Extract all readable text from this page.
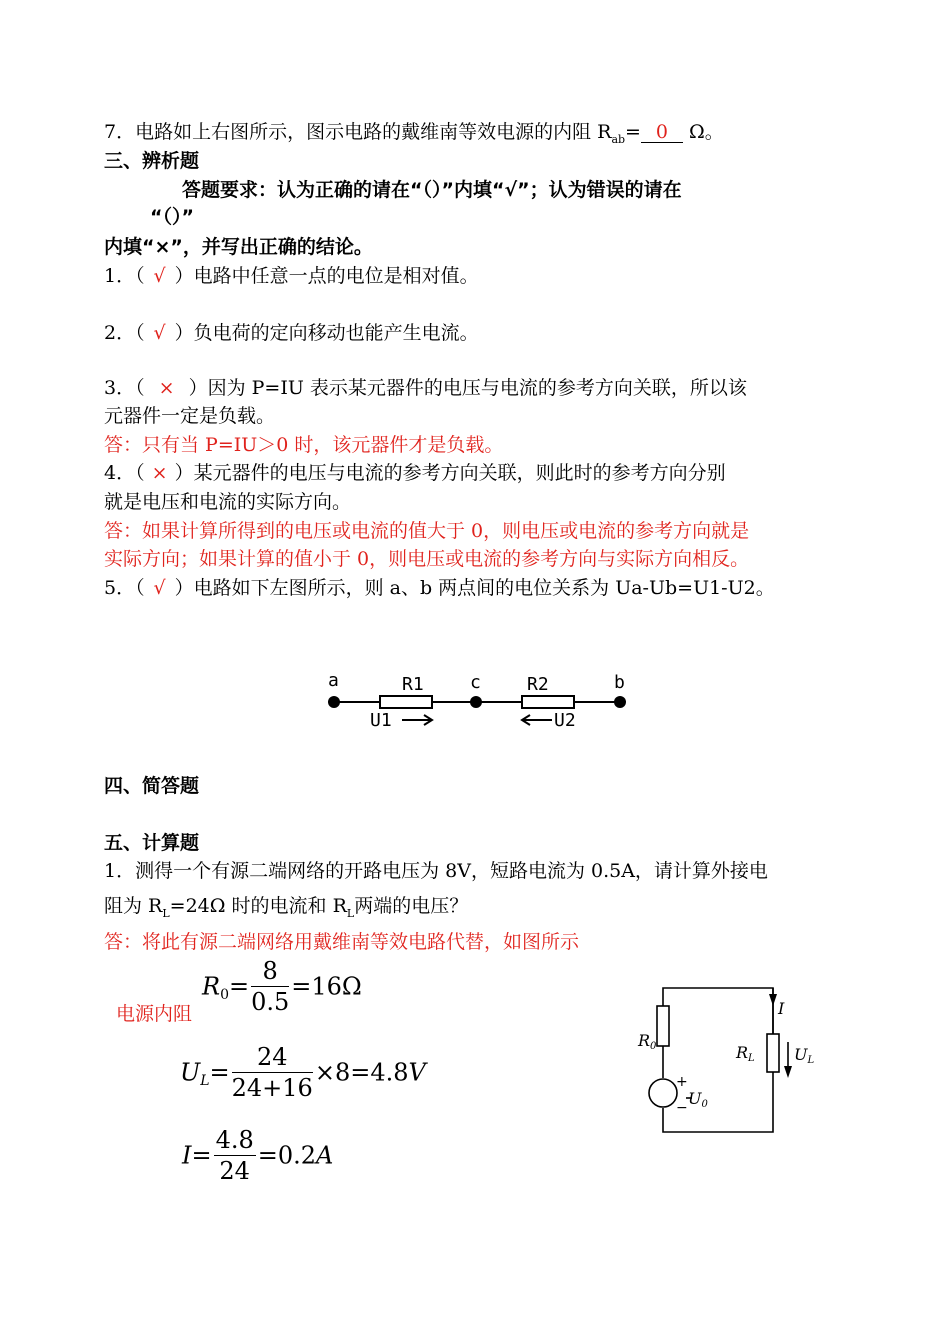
7．电路如上右图所示，图示电路的戴维南等效电源的内阻 $R_{ab}= 0$ Ω。
三、辨析题
答题要求：认为正确的请在“（）”内填“√”；认为错误的请在
“（）”
内填“×”，并写出正确的结论。
1．（ √ ）电路中任意一点的电位是相对值。
2．（ √ ）负电荷的定向移动也能产生电流。
3．（ × ）因为 P=IU 表示某元器件的电压与电流的参考方向关联，所以该
元器件一定是负载。
答：只有当 P=IU＞0 时，该元器件才是负载。
4．（ × ）某元器件的电压与电流的参考方向关联，则此时的参考方向分别
就是电压和电流的实际方向。
答：如果计算所得到的电压或电流的值大于 0，则电压或电流的参考方向就是
实际方向；如果计算的值小于 0，则电压或电流的参考方向与实际方向相反。
5．（ √ ）电路如下左图所示，则 a、b 两点间的电位关系为 Ua-Ub=U1-U2。
a	R1	c	R2	b
U1	U2
四、简答题
五、计算题
1．测得一个有源二端网络的开路电压为 8V，短路电流为 0.5A，请计算外接电
阻为 $R_L=24\Omega$ 时的电流和 $R_L$两端的电压？
答：将此有源二端网络用戴维南等效电路代替，如图所示
电源内阻
$R_0= \frac{8}{0.5} =16\Omega$
$U_L= \frac{24}{24+16} \times 8=4.8V$
$I= \frac{4.8}{24} =0.2A$
R0	RL
I
UL
U0
+
−
